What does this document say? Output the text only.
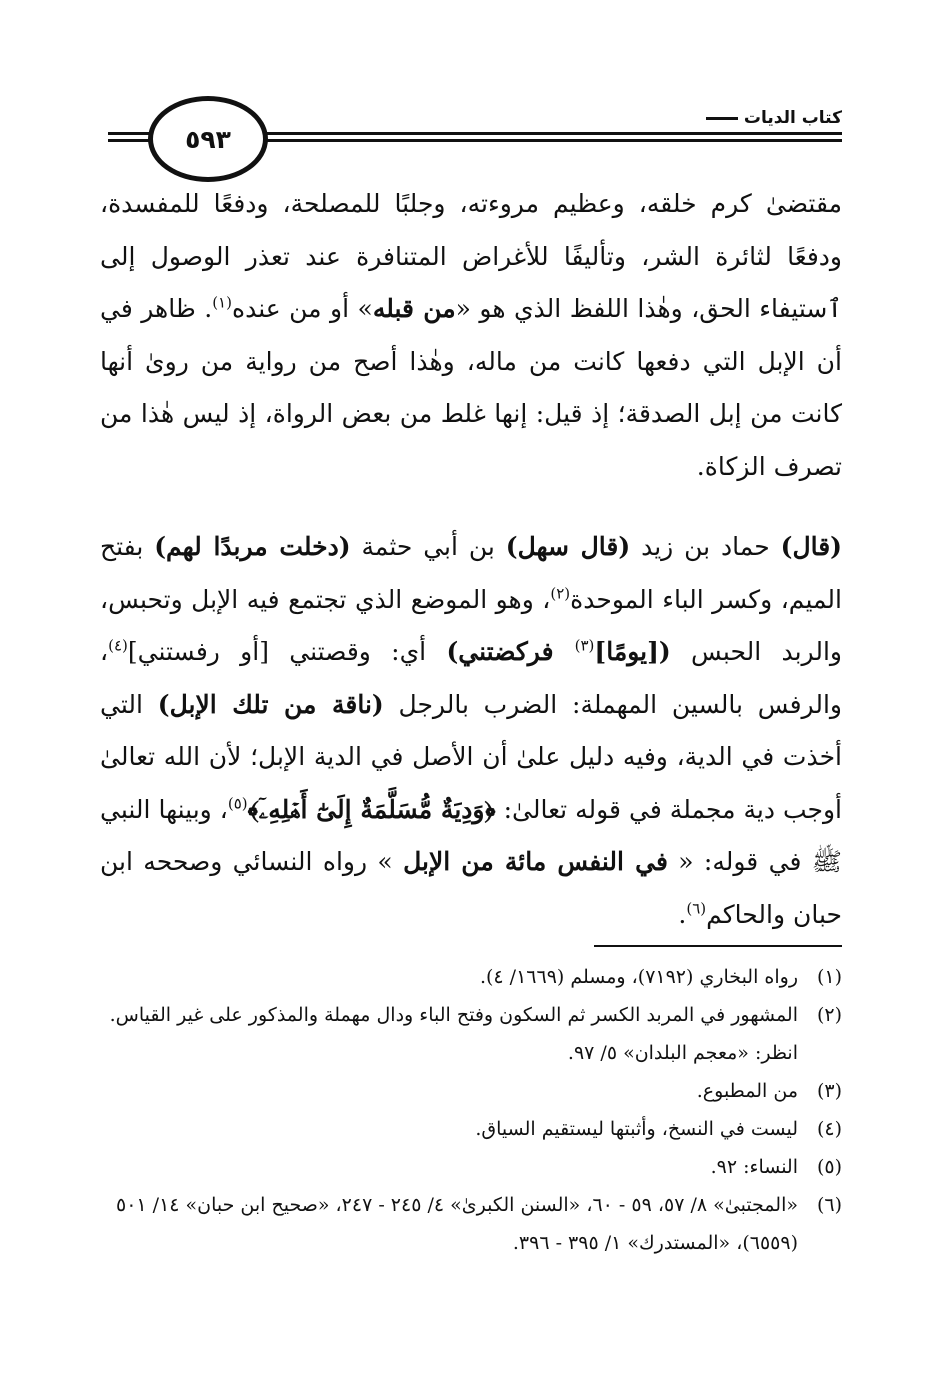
كتاب الديات
٥٩٣

مقتضىٰ كرم خلقه، وعظيم مروءته، وجلبًا للمصلحة، ودفعًا للمفسدة، ودفعًا لثائرة الشر، وتأليفًا للأغراض المتنافرة عند تعذر الوصول إلى ٱستيفاء الحق، وهٰذا اللفظ الذي هو «من قبله» أو من عنده$^{(١)}$. ظاهر في أن الإبل التي دفعها كانت من ماله، وهٰذا أصح من رواية من روىٰ أنها كانت من إبل الصدقة؛ إذ قيل: إنها غلط من بعض الرواة، إذ ليس هٰذا من تصرف الزكاة.

(قال) حماد بن زيد (قال سهل) بن أبي حثمة (دخلت مربدًا لهم) بفتح الميم، وكسر الباء الموحدة$^{(٢)}$، وهو الموضع الذي تجتمع فيه الإبل وتحبس، والربد الحبس ([يومًا]$^{(٣)}$ فركضتني) أي: وقصتني [أو رفستني]$^{(٤)}$، والرفس بالسين المهملة: الضرب بالرجل (ناقة من تلك الإبل) التي أخذت في الدية، وفيه دليل علىٰ أن الأصل في الدية الإبل؛ لأن الله تعالىٰ أوجب دية مجملة في قوله تعالىٰ: ﴿وَدِيَةٌ مُّسَلَّمَةٌ إِلَىٰٓ أَهۡلِهِۦٓ﴾$^{(٥)}$، وبينها النبي ﷺ في قوله: « في النفس مائة من الإبل » رواه النسائي وصححه ابن حبان والحاكم$^{(٦)}$.

(١)
رواه البخاري (٧١٩٢)، ومسلم (١٦٦٩/ ٤).
(٢)
المشهور في المربد الكسر ثم السكون وفتح الباء ودال مهملة والمذكور على غير القياس. انظر: «معجم البلدان» ٥/ ٩٧.
(٣)
من المطبوع.
(٤)
ليست في النسخ، وأثبتها ليستقيم السياق.
(٥)
النساء: ٩٢.
(٦)
«المجتبىٰ» ٨/ ٥٧، ٥٩ - ٦٠، «السنن الكبرىٰ» ٤/ ٢٤٥ - ٢٤٧، «صحيح ابن حبان» ١٤/ ٥٠١ (٦٥٥٩)، «المستدرك» ١/ ٣٩٥ - ٣٩٦.
